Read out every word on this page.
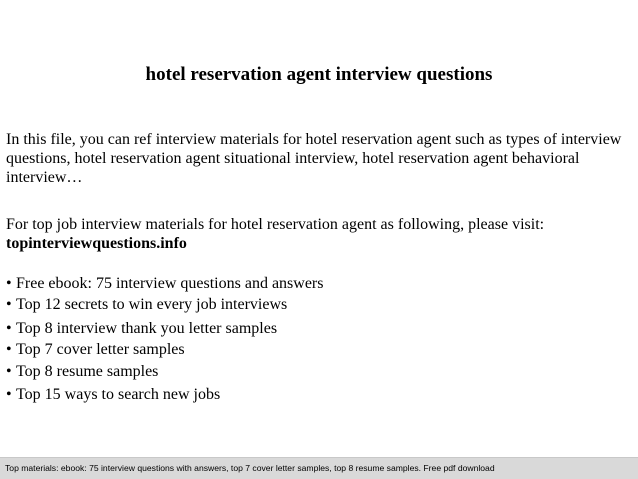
hotel reservation agent interview questions

In this file, you can ref interview materials for hotel reservation agent such as types of interview questions, hotel reservation agent situational interview, hotel reservation agent behavioral interview…

For top job interview materials for hotel reservation agent as following, please visit:
topinterviewquestions.info

• Free ebook: 75 interview questions and answers
• Top 12 secrets to win every job interviews
• Top 8 interview thank you letter samples
• Top 7 cover letter samples
• Top 8 resume samples
• Top 15 ways to search new jobs
Top materials: ebook: 75 interview questions with answers, top 7 cover letter samples, top 8 resume samples. Free pdf download
